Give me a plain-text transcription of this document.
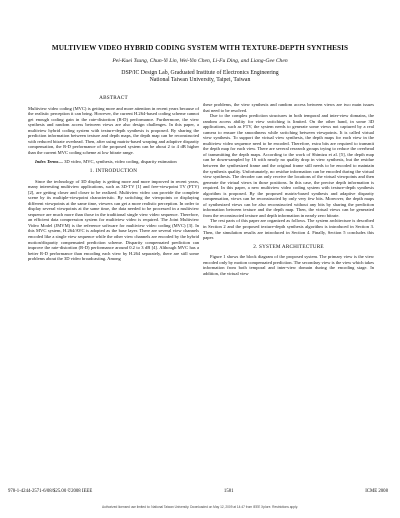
MULTIVIEW VIDEO HYBRID CODING SYSTEM WITH TEXTURE-DEPTH SYNTHESIS
Pei-Kuei Tsung, Chun-Yi Lin, Wei-Yin Chen, Li-Fu Ding, and Liang-Gee Chen
DSP/IC Design Lab, Graduated Institute of Electronics Engineering
National Taiwan University, Taipei, Taiwan
ABSTRACT

Multiview video coding (MVC) is getting more and more attention in recent years because of the realistic perception it can bring. However, the current H.264-based coding scheme cannot get enough coding gain in the rate-distortion (R-D) performance. Furthermore, the view synthesis and random access between views are also design challenges. In this paper, a multiview hybrid coding system with texture-depth synthesis is proposed. By sharing the prediction information between texture and depth maps, the depth map can be reconstructed with reduced bitrate overhead. Then, after using matrix-based warping and adaptive disparity compensation, the R-D performance of the proposed system can be about 2 to 4 dB higher than the current MVC coding scheme at low bitrate range.

Index Terms— 3D video, MVC, synthesis, video coding, disparity estimation

1. INTRODUCTION

Since the technology of 3D display is getting more and more improved in recent years, many interesting multiview applications, such as 3D-TV [1] and free-viewpoint TV (FTV) [2], are getting closer and closer to be realized. Multiview video can provide the complete scene by its multiple-viewpoint characteristic. By switching the viewpoints or displaying different viewpoints at the same time, viewers can get a more realistic perception. In order to display several viewpoints at the same time, the data needed to be processed in a multiview sequence are much more than those in the traditional single view video sequence. Therefore, an efficient data compression system for multiview video is required. The Joint Multiview Video Model (JMVM) is the reference software for multiview video coding (MVC) [3]. In this MVC system, H.264/AVC is adopted as the base layer. There are several view channels encoded like a single view sequence while the other view channels are encoded by the hybrid motion/disparity compensated prediction scheme. Disparity compensated prediction can improve the rate-distortion (R-D) performance around 0.2 to 3 dB [4]. Although MVC has a better R-D performance than encoding each view by H.264 separately, there are still some problems about the 3D video broadcasting. Among

these problems, the view synthesis and random access between views are two main issues that need to be resolved.

Due to the complex prediction structures in both temporal and inter-view domains, the random access ability for view switching is limited. On the other hand, in some 3D applications, such as FTV, the system needs to generate some views not captured by a real camera to ensure the smoothness while switching between viewpoints. It is called virtual view synthesis. To support the virtual view synthesis, the depth maps for each view in the multiview video sequence need to be encoded. Therefore, extra bits are required to transmit the depth map for each view. There are several research groups trying to reduce the overhead of transmitting the depth maps. According to the work of Shimizu et al. [5], the depth map can be down-sampled by 16 with nearly no quality drop in view synthesis, but the residue between the synthesized frame and the original frame still needs to be encoded to maintain the synthesis quality. Unfortunately, no residue information can be encoded during the virtual view synthesis. The decoder can only receive the locations of the virtual viewpoints and then generate the virtual views in those positions. In this case, the precise depth information is required. In this paper, a new multiview video coding system with texture-depth synthesis algorithm is proposed. By the proposed matrix-based synthesis and adaptive disparity compensation, views can be reconstructed by only very few bits. Moreover, the depth maps of synthesized views can be also reconstructed without any bits by sharing the prediction information between texture and the depth map. Then, the virtual views can be generated from the reconstructed texture and depth information in nearly zero bitrate.

The rest parts of this paper are organized as follows. The system architecture is described in Section 2 and the proposed texture-depth synthesis algorithm is introduced in Section 3. Then, the simulation results are introduced in Section 4. Finally, Section 5 concludes this paper.

2. SYSTEM ARCHITECTURE

Figure 1 shows the block diagram of the proposed system. The primary view is the view encoded only by motion compensated prediction. The secondary view is the view which takes information from both temporal and inter-view domain during the encoding stage. In addition, the virtual view

978-1-4244-2571-6/08/$25.00 ©2008 IEEE	1581	ICME 2008
Authorized licensed use limited to: National Taiwan University. Downloaded on May 12, 2009 at 14:47 from IEEE Xplore. Restrictions apply.
